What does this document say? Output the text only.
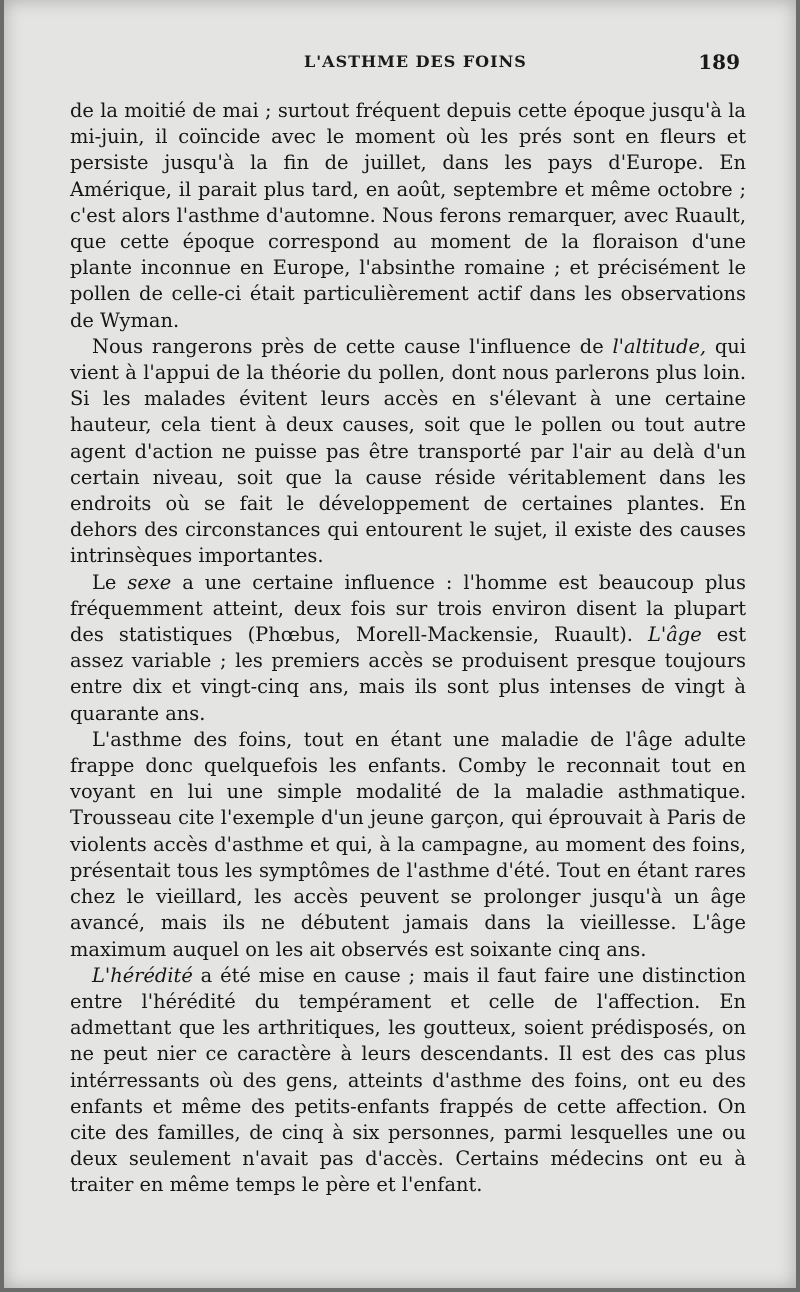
L'ASTHME DES FOINS	189

de la moitié de mai ; surtout fréquent depuis cette époque jusqu'à la mi-juin, il coïncide avec le moment où les prés sont en fleurs et persiste jusqu'à la fin de juillet, dans les pays d'Europe. En Amérique, il parait plus tard, en août, septembre et même octobre ; c'est alors l'asthme d'automne. Nous ferons remarquer, avec Ruault, que cette époque correspond au moment de la floraison d'une plante inconnue en Europe, l'absinthe romaine ; et précisément le pollen de celle-ci était particulièrement actif dans les observations de Wyman.

Nous rangerons près de cette cause l'influence de l'altitude, qui vient à l'appui de la théorie du pollen, dont nous parlerons plus loin. Si les malades évitent leurs accès en s'élevant à une certaine hauteur, cela tient à deux causes, soit que le pollen ou tout autre agent d'action ne puisse pas être transporté par l'air au delà d'un certain niveau, soit que la cause réside véritablement dans les endroits où se fait le développement de certaines plantes. En dehors des circonstances qui entourent le sujet, il existe des causes intrinsèques importantes.

Le sexe a une certaine influence : l'homme est beaucoup plus fréquemment atteint, deux fois sur trois environ disent la plupart des statistiques (Phœbus, Morell-Mackensie, Ruault). L'âge est assez variable ; les premiers accès se produisent presque toujours entre dix et vingt-cinq ans, mais ils sont plus intenses de vingt à quarante ans.

L'asthme des foins, tout en étant une maladie de l'âge adulte frappe donc quelquefois les enfants. Comby le reconnait tout en voyant en lui une simple modalité de la maladie asthmatique. Trousseau cite l'exemple d'un jeune garçon, qui éprouvait à Paris de violents accès d'asthme et qui, à la campagne, au moment des foins, présentait tous les symptômes de l'asthme d'été. Tout en étant rares chez le vieillard, les accès peuvent se prolonger jusqu'à un âge avancé, mais ils ne débutent jamais dans la vieillesse. L'âge maximum auquel on les ait observés est soixante cinq ans.

L'hérédité a été mise en cause ; mais il faut faire une distinction entre l'hérédité du tempérament et celle de l'affection. En admettant que les arthritiques, les goutteux, soient prédisposés, on ne peut nier ce caractère à leurs descendants. Il est des cas plus intérressants où des gens, atteints d'asthme des foins, ont eu des enfants et même des petits-enfants frappés de cette affection. On cite des familles, de cinq à six personnes, parmi lesquelles une ou deux seulement n'avait pas d'accès. Certains médecins ont eu à traiter en même temps le père et l'enfant.
